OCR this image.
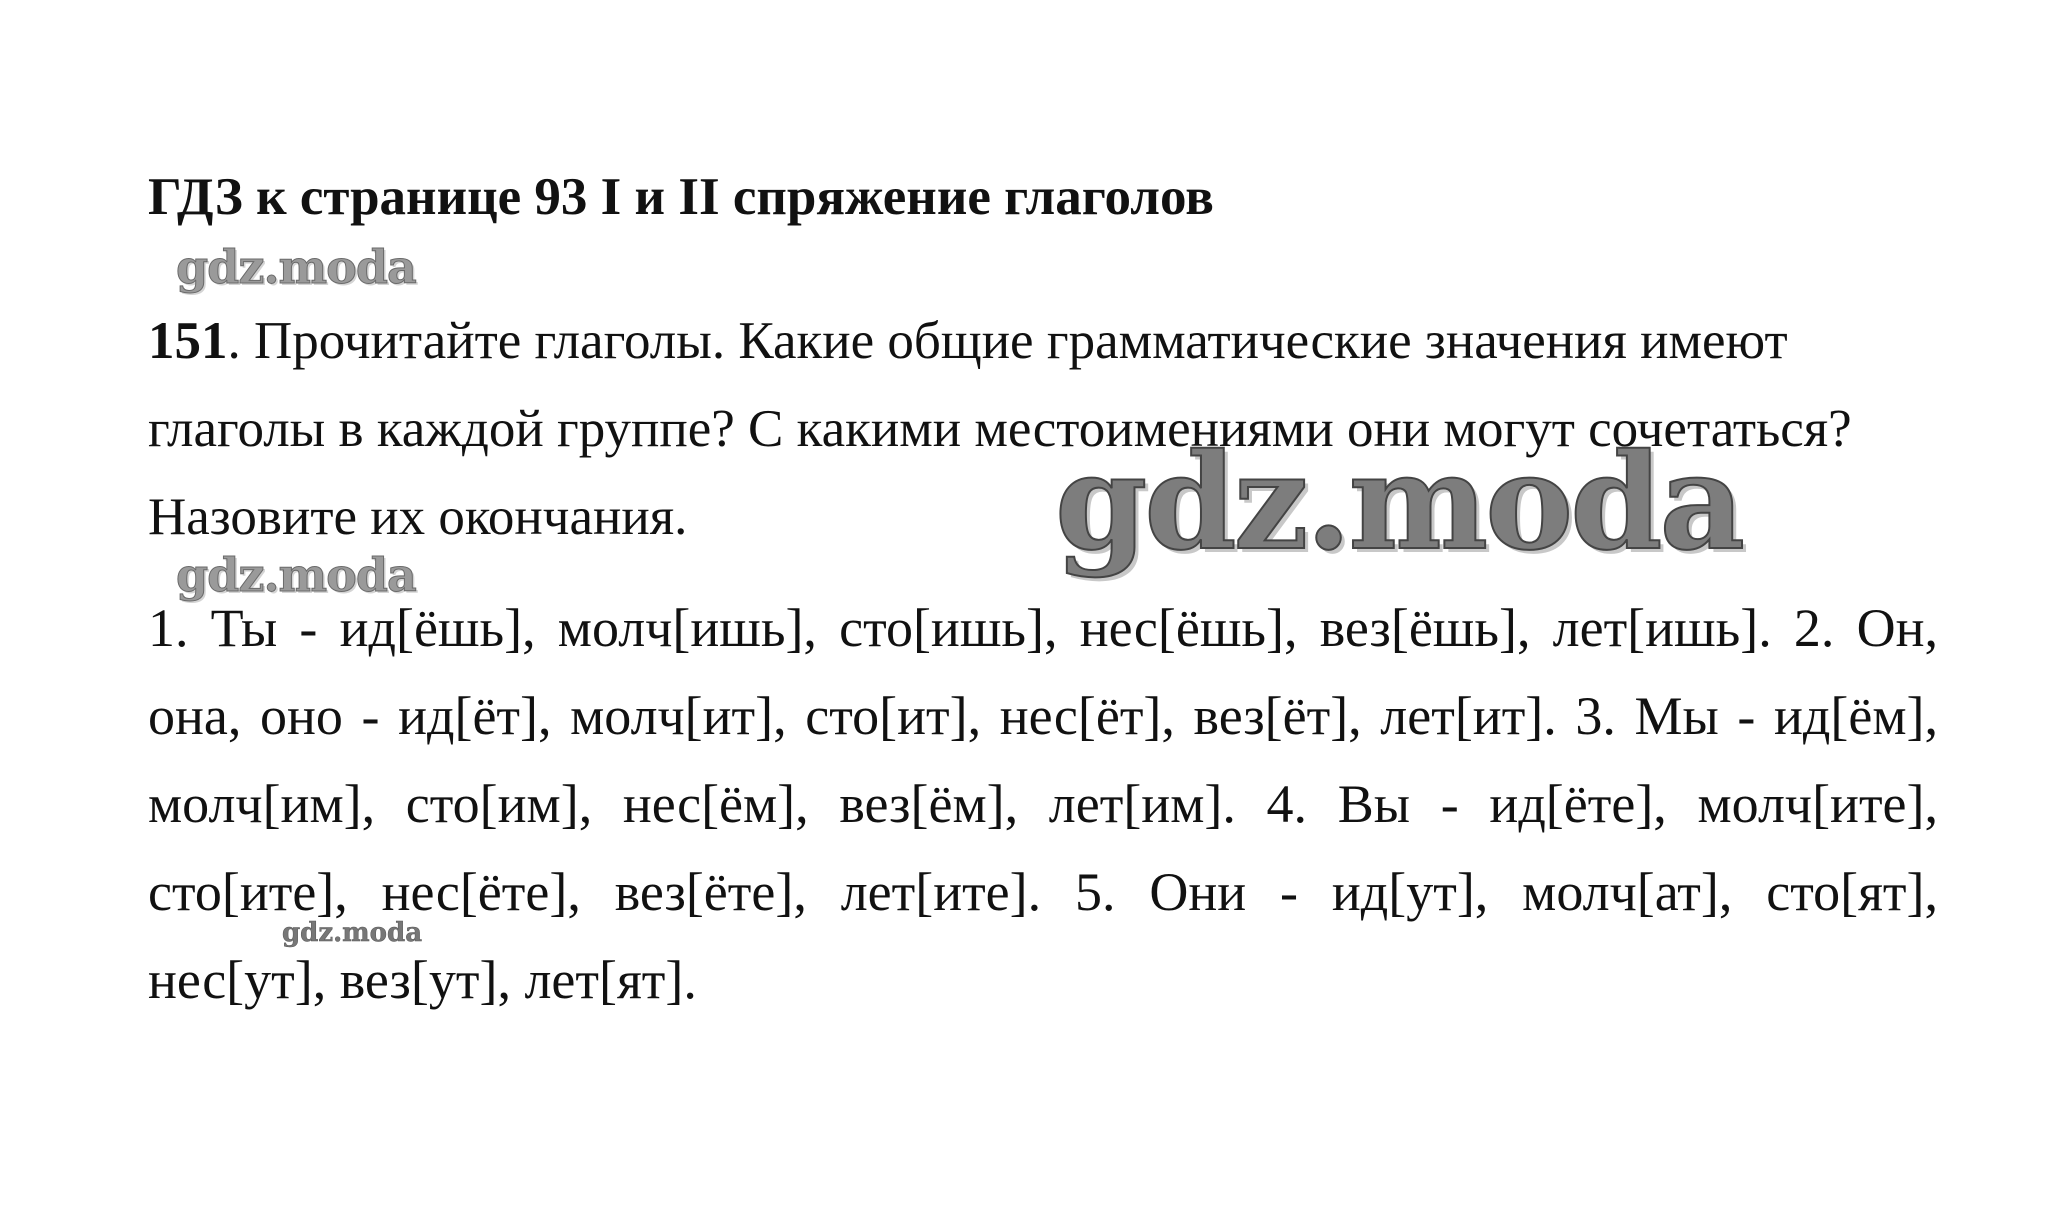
ГДЗ к странице 93 I и II спряжение глаголов
gdz.moda

151. Прочитайте глаголы. Какие общие грамматические значения имеют глаголы в каждой группе? С какими местоимениями они могут сочетаться? Назовите их окончания.	gdz.moda
gdz.moda

1. Ты - ид[ёшь], молч[ишь], сто[ишь], нес[ёшь], вез[ёшь], лет[ишь]. 2. Он, она, оно - ид[ёт], молч[ит], сто[ит], нес[ёт], вез[ёт], лет[ит]. 3. Мы - ид[ём], молч[им], сто[им], нес[ём], вез[ём], лет[им]. 4. Вы - ид[ёте], молч[ите], сто[ите], нес[ёте], вез[ёте], лет[ите]. 5. Они - ид[ут], молч[ат], сто[ят], нес[ут], вез[ут], лет[ят].

gdz.moda
